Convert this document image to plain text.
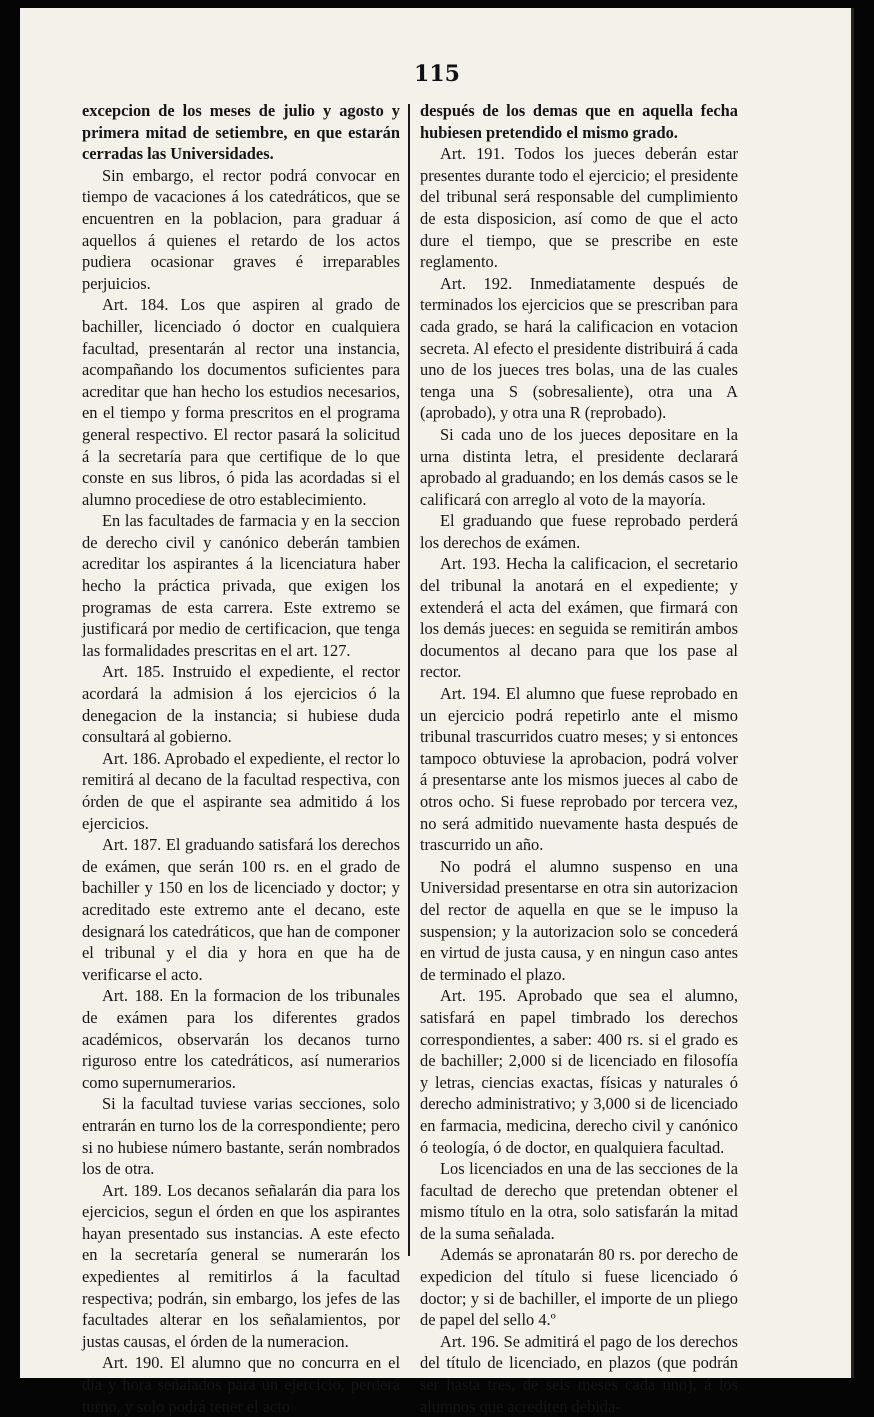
115

excepcion de los meses de julio y agosto y primera mitad de setiembre, en que estarán cerradas las Universidades.

Sin embargo, el rector podrá convocar en tiempo de vacaciones á los catedráticos, que se encuentren en la poblacion, para graduar á aquellos á quienes el retardo de los actos pudiera ocasionar graves é irreparables perjuicios.

Art. 184. Los que aspiren al grado de bachiller, licenciado ó doctor en cualquiera facultad, presentarán al rector una instancia, acompañando los documentos suficientes para acreditar que han hecho los estudios necesarios, en el tiempo y forma prescritos en el programa general respectivo. El rector pasará la solicitud á la secretaría para que certifique de lo que conste en sus libros, ó pida las acordadas si el alumno procediese de otro establecimiento.

En las facultades de farmacia y en la seccion de derecho civil y canónico deberán tambien acreditar los aspirantes á la licenciatura haber hecho la práctica privada, que exigen los programas de esta carrera. Este extremo se justificará por medio de certificacion, que tenga las formalidades prescritas en el art. 127.

Art. 185. Instruido el expediente, el rector acordará la admision á los ejercicios ó la denegacion de la instancia; si hubiese duda consultará al gobierno.

Art. 186. Aprobado el expediente, el rector lo remitirá al decano de la facultad respectiva, con órden de que el aspirante sea admitido á los ejercicios.

Art. 187. El graduando satisfará los derechos de exámen, que serán 100 rs. en el grado de bachiller y 150 en los de licenciado y doctor; y acreditado este extremo ante el decano, este designará los catedráticos, que han de componer el tribunal y el dia y hora en que ha de verificarse el acto.

Art. 188. En la formacion de los tribunales de exámen para los diferentes grados académicos, observarán los decanos turno riguroso entre los catedráticos, así numerarios como supernumerarios.

Si la facultad tuviese varias secciones, solo entrarán en turno los de la correspondiente; pero si no hubiese número bastante, serán nombrados los de otra.

Art. 189. Los decanos señalarán dia para los ejercicios, segun el órden en que los aspirantes hayan presentado sus instancias. A este efecto en la secretaría general se numerarán los expedientes al remitirlos á la facultad respectiva; podrán, sin embargo, los jefes de las facultades alterar en los señalamientos, por justas causas, el órden de la numeracion.

Art. 190. El alumno que no concurra en el dia y hora señalados para un ejercicio, perderá turno, y solo podrá tener el acto

después de los demas que en aquella fecha hubiesen pretendido el mismo grado.

Art. 191. Todos los jueces deberán estar presentes durante todo el ejercicio; el presidente del tribunal será responsable del cumplimiento de esta disposicion, así como de que el acto dure el tiempo, que se prescribe en este reglamento.

Art. 192. Inmediatamente después de terminados los ejercicios que se prescriban para cada grado, se hará la calificacion en votacion secreta. Al efecto el presidente distribuirá á cada uno de los jueces tres bolas, una de las cuales tenga una S (sobresaliente), otra una A (aprobado), y otra una R (reprobado).

Si cada uno de los jueces depositare en la urna distinta letra, el presidente declarará aprobado al graduando; en los demás casos se le calificará con arreglo al voto de la mayoría.

El graduando que fuese reprobado perderá los derechos de exámen.

Art. 193. Hecha la calificacion, el secretario del tribunal la anotará en el expediente; y extenderá el acta del exámen, que firmará con los demás jueces: en seguida se remitirán ambos documentos al decano para que los pase al rector.

Art. 194. El alumno que fuese reprobado en un ejercicio podrá repetirlo ante el mismo tribunal trascurridos cuatro meses; y si entonces tampoco obtuviese la aprobacion, podrá volver á presentarse ante los mismos jueces al cabo de otros ocho. Si fuese reprobado por tercera vez, no será admitido nuevamente hasta después de trascurrido un año.

No podrá el alumno suspenso en una Universidad presentarse en otra sin autorizacion del rector de aquella en que se le impuso la suspension; y la autorizacion solo se concederá en virtud de justa causa, y en ningun caso antes de terminado el plazo.

Art. 195. Aprobado que sea el alumno, satisfará en papel timbrado los derechos correspondientes, a saber: 400 rs. si el grado es de bachiller; 2,000 si de licenciado en filosofía y letras, ciencias exactas, físicas y naturales ó derecho administrativo; y 3,000 si de licenciado en farmacia, medicina, derecho civil y canónico ó teología, ó de doctor, en qualquiera facultad.

Los licenciados en una de las secciones de la facultad de derecho que pretendan obtener el mismo título en la otra, solo satisfarán la mitad de la suma señalada.

Además se apronatarán 80 rs. por derecho de expedicion del título si fuese licenciado ó doctor; y si de bachiller, el importe de un pliego de papel del sello 4.º

Art. 196. Se admitirá el pago de los derechos del título de licenciado, en plazos (que podrán ser hasta tres, de seis meses cada uno), á los alumnos que acrediten debida-
